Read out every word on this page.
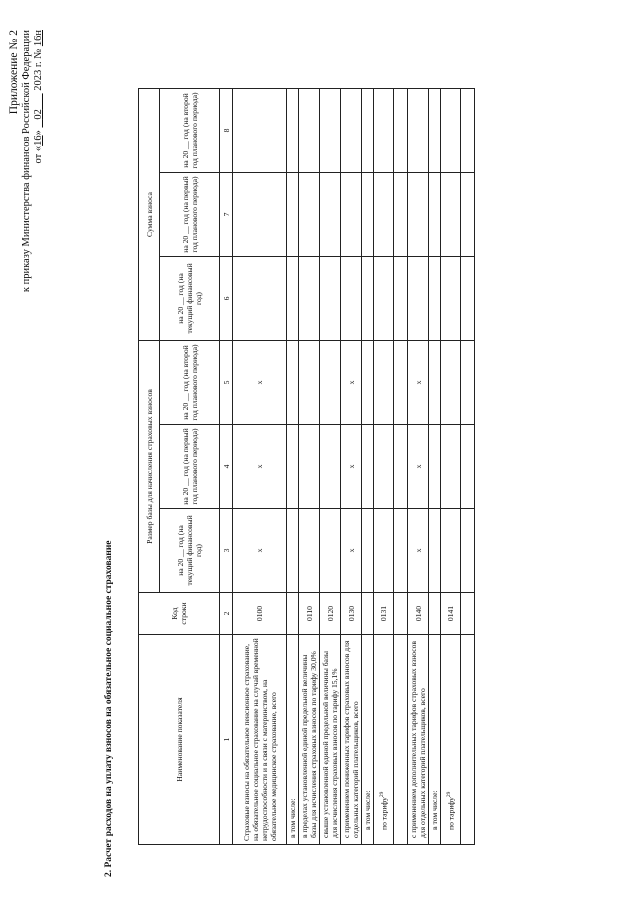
Приложение № 2 к приказу Министерства финансов Российской Федерации от «16»    02       2023 г. № 16н
2. Расчет расходов на уплату взносов на обязательное социальное страхование	Наименование показателя	Код строки	Размер базы для начисления страховых взносов			Сумма взноса		
		на 20 __ год (на текущий финансовый год)	на 20 __ год (на первый год планового периода)	на 20 __ год (на второй год планового периода)	на 20 __ год (на текущий финансовый год)	на 20 __ год (на первый год планового периода)	на 20 __ год (на второй год планового периода)
1	2	3	4	5	6	7	8
Страховые взносы на обязательное пенсионное страхование, на обязательное социальное страхование на случай временной нетрудоспособности и в связи с материнством, на обязательное медицинское страхование, всего	0100	х	х	х			
в том числе:							
в пределах установленной единой предельной величины базы для исчисления страховых взносов по тарифу 30,0%	0110						
свыше установленной единой предельной величины базы для исчисления страховых взносов по тарифу 15,1%	0120						
с применением пониженных тарифов страховых взносов для отдельных категорий плательщиков, всего	0130	х	х	х			
в том числе:							
по тарифу$^{29}$	0131						

с применением дополнительных тарифов страховых взносов для отдельных категорий плательщиков, всего	0140	х	х	х			
в том числе:							
по тарифу$^{29}$	0141						
